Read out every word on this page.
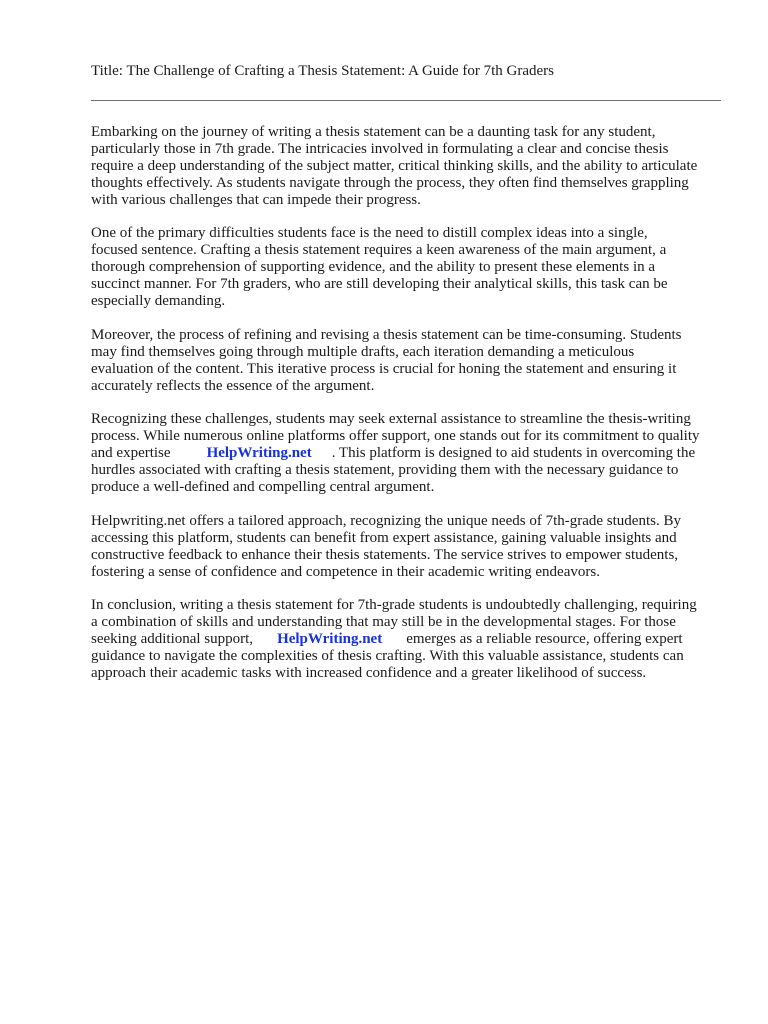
Title: The Challenge of Crafting a Thesis Statement: A Guide for 7th Graders

Embarking on the journey of writing a thesis statement can be a daunting task for any student,
particularly those in 7th grade. The intricacies involved in formulating a clear and concise thesis
require a deep understanding of the subject matter, critical thinking skills, and the ability to articulate
thoughts effectively. As students navigate through the process, they often find themselves grappling
with various challenges that can impede their progress.

One of the primary difficulties students face is the need to distill complex ideas into a single,
focused sentence. Crafting a thesis statement requires a keen awareness of the main argument, a
thorough comprehension of supporting evidence, and the ability to present these elements in a
succinct manner. For 7th graders, who are still developing their analytical skills, this task can be
especially demanding.

Moreover, the process of refining and revising a thesis statement can be time-consuming. Students
may find themselves going through multiple drafts, each iteration demanding a meticulous
evaluation of the content. This iterative process is crucial for honing the statement and ensuring it
accurately reflects the essence of the argument.

Recognizing these challenges, students may seek external assistance to streamline the thesis-writing
process. While numerous online platforms offer support, one stands out for its commitment to quality
and expertise HelpWriting.net . This platform is designed to aid students in overcoming the
hurdles associated with crafting a thesis statement, providing them with the necessary guidance to
produce a well-defined and compelling central argument.

Helpwriting.net offers a tailored approach, recognizing the unique needs of 7th-grade students. By
accessing this platform, students can benefit from expert assistance, gaining valuable insights and
constructive feedback to enhance their thesis statements. The service strives to empower students,
fostering a sense of confidence and competence in their academic writing endeavors.

In conclusion, writing a thesis statement for 7th-grade students is undoubtedly challenging, requiring
a combination of skills and understanding that may still be in the developmental stages. For those
seeking additional support, HelpWriting.net emerges as a reliable resource, offering expert
guidance to navigate the complexities of thesis crafting. With this valuable assistance, students can
approach their academic tasks with increased confidence and a greater likelihood of success.
